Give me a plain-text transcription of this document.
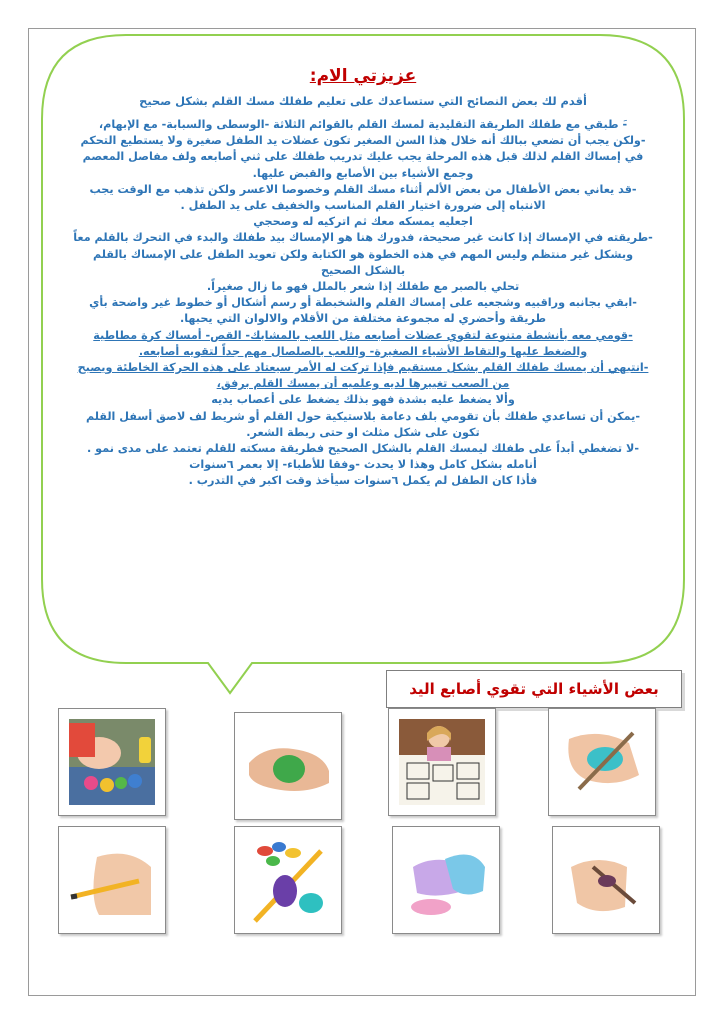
عزيزتي الام:

أقدم لك بعض النصائح التي ستساعدك على تعليم طفلك مسك القلم بشكل صحيح

-َ طبقي مع طفلك الطريقة التقليدية لمسك القلم بالقوائم الثلاثة -الوسطى والسبابة- مع الإبهام،

-ولكن يجب أن تضعي ببالك أنه خلال هذا السن الصغير تكون عضلات يد الطفل صغيرة ولا يستطيع التحكم في إمساك القلم لذلك قبل هذه المرحلة يجب عليك تدريب طفلك على ثني أصابعه ولف مفاصل المعصم وجمع الأشياء بين الأصابع والقبض عليها.

-قد يعاني بعض الأطفال من بعض الألم أثناء مسك القلم وخصوصا الاعسر ولكن تذهب مع الوقت يجب الانتباه إلى ضرورة اختيار القلم المناسب والخفيف على يد الطفل .

اجعليه يمسكه معك ثم اتركيه له وصحجي

-طريقته في الإمساك إذا كانت غير صحيحة، فدورك هنا هو الإمساك بيد طفلك والبدء في التحرك بالقلم معاً

وبشكل غير منتظم وليس المهم في هذه الخطوة هو الكتابة ولكن تعويد الطفل على الإمساك بالقلم بالشكل الصحيح

تحلي بالصبر مع طفلك إذا شعر بالملل فهو ما زال صغيراً.

-ابقي بجانبه وراقبيه وشجعيه على إمساك القلم والشخبطة أو رسم أشكال أو خطوط غير واضحة بأي طريقة وأحضري له مجموعة مختلفة من الأقلام والالوان التي يحبها.

-قومي معه بأنشطة متنوعة لتقوي عضلات أصابعه مثل اللعب بالمشابك- القص- أمساك كرة مطاطية والضغط عليها والتقاط الأشياء الصغيرة- واللعب بالصلصال مهم جداً لتقويه أصابعه.

-انتبهي أن يمسك طفلك القلم بشكل مستقيم فإذا تركت له الأمر سيعتاد على هذه الحركة الخاطئة ويصبح من الصعب تغييرها لديه وعلميه أن يمسك القلم برفق،

وألا يضغط عليه بشدة فهو بذلك يضغط على أعصاب يديه

-يمكن أن تساعدي طفلك بأن تقومي بلف دعامة بلاستيكية حول القلم أو شريط لف لاصق أسفل القلم تكون على شكل مثلث او حتى ربطة الشعر.

-لا تضغطي أبداً على طفلك ليمسك القلم بالشكل الصحيح فطريقة مسكته للقلم تعتمد على مدى نمو . أنامله بشكل كامل وهذا لا يحدث -وفقا للأطباء- إلا بعمر ٦سنوات

فأذا كان الطفل لم يكمل ٦سنوات سيأخذ وقت اكبر في التدرب .

بعض الأشياء التي تقوي أصابع اليد
